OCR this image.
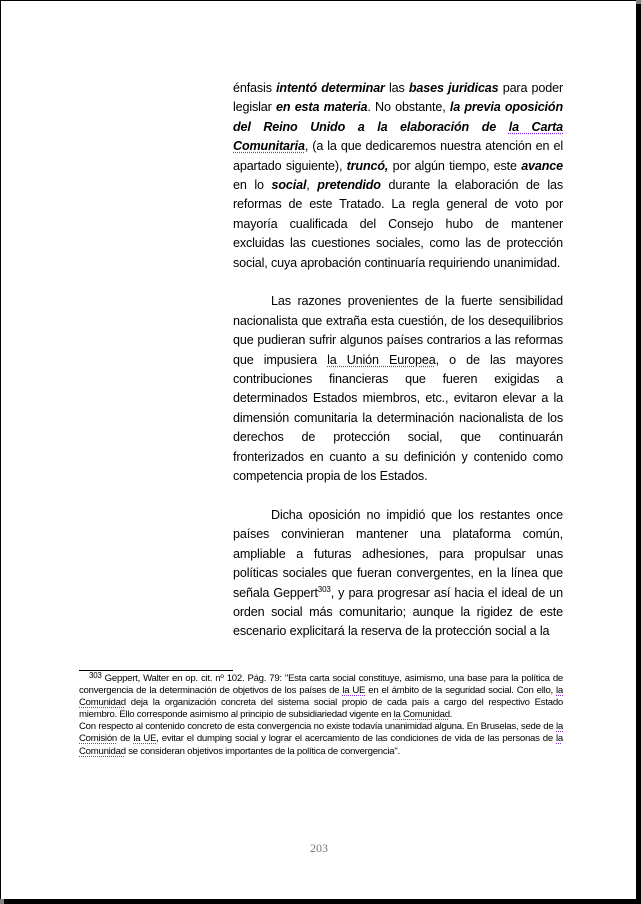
énfasis intentó determinar las bases juridicas para poder legislar en esta materia. No obstante, la previa oposición del Reino Unido a la elaboración de la Carta Comunitaria, (a la que dedicaremos nuestra atención en el apartado siguiente), truncó, por algún tiempo, este avance en lo social, pretendido durante la elaboración de las reformas de este Tratado. La regla general de voto por mayoría cualificada del Consejo hubo de mantener excluidas las cuestiones sociales, como las de protección social, cuya aprobación continuaría requiriendo unanimidad.

Las razones provenientes de la fuerte sensibilidad nacionalista que extraña esta cuestión, de los desequilibrios que pudieran sufrir algunos países contrarios a las reformas que impusiera la Unión Europea, o de las mayores contribuciones financieras que fueren exigidas a determinados Estados miembros, etc., evitaron elevar a la dimensión comunitaria la determinación nacionalista de los derechos de protección social, que continuarán fronterizados en cuanto a su definición y contenido como competencia propia de los Estados.

Dicha oposición no impidió que los restantes once países convinieran mantener una plataforma común, ampliable a futuras adhesiones, para propulsar unas políticas sociales que fueran convergentes, en la línea que señala Geppert$^{303}$, y para progresar así hacia el ideal de un orden social más comunitario; aunque la rigidez de este escenario explicitará la reserva de la protección social a la

$^{303}$ Geppert, Walter en op. cit. nº 102. Pág. 79: "Esta carta social constituye, asimismo, una base para la política de convergencia de la determinación de objetivos de los países de la UE en el ámbito de la seguridad social. Con ello, la Comunidad deja la organización concreta del sistema social propio de cada país a cargo del respectivo Estado miembro. Ello corresponde asimismo al principio de subsidiariedad vigente en la Comunidad.

Con respecto al contenido concreto de esta convergencia no existe todavía unanimidad alguna. En Bruselas, sede de la Comisión de la UE, evitar el dumping social y lograr el acercamiento de las condiciones de vida de las personas de la Comunidad se consideran objetivos importantes de la política de convergencia".

203
